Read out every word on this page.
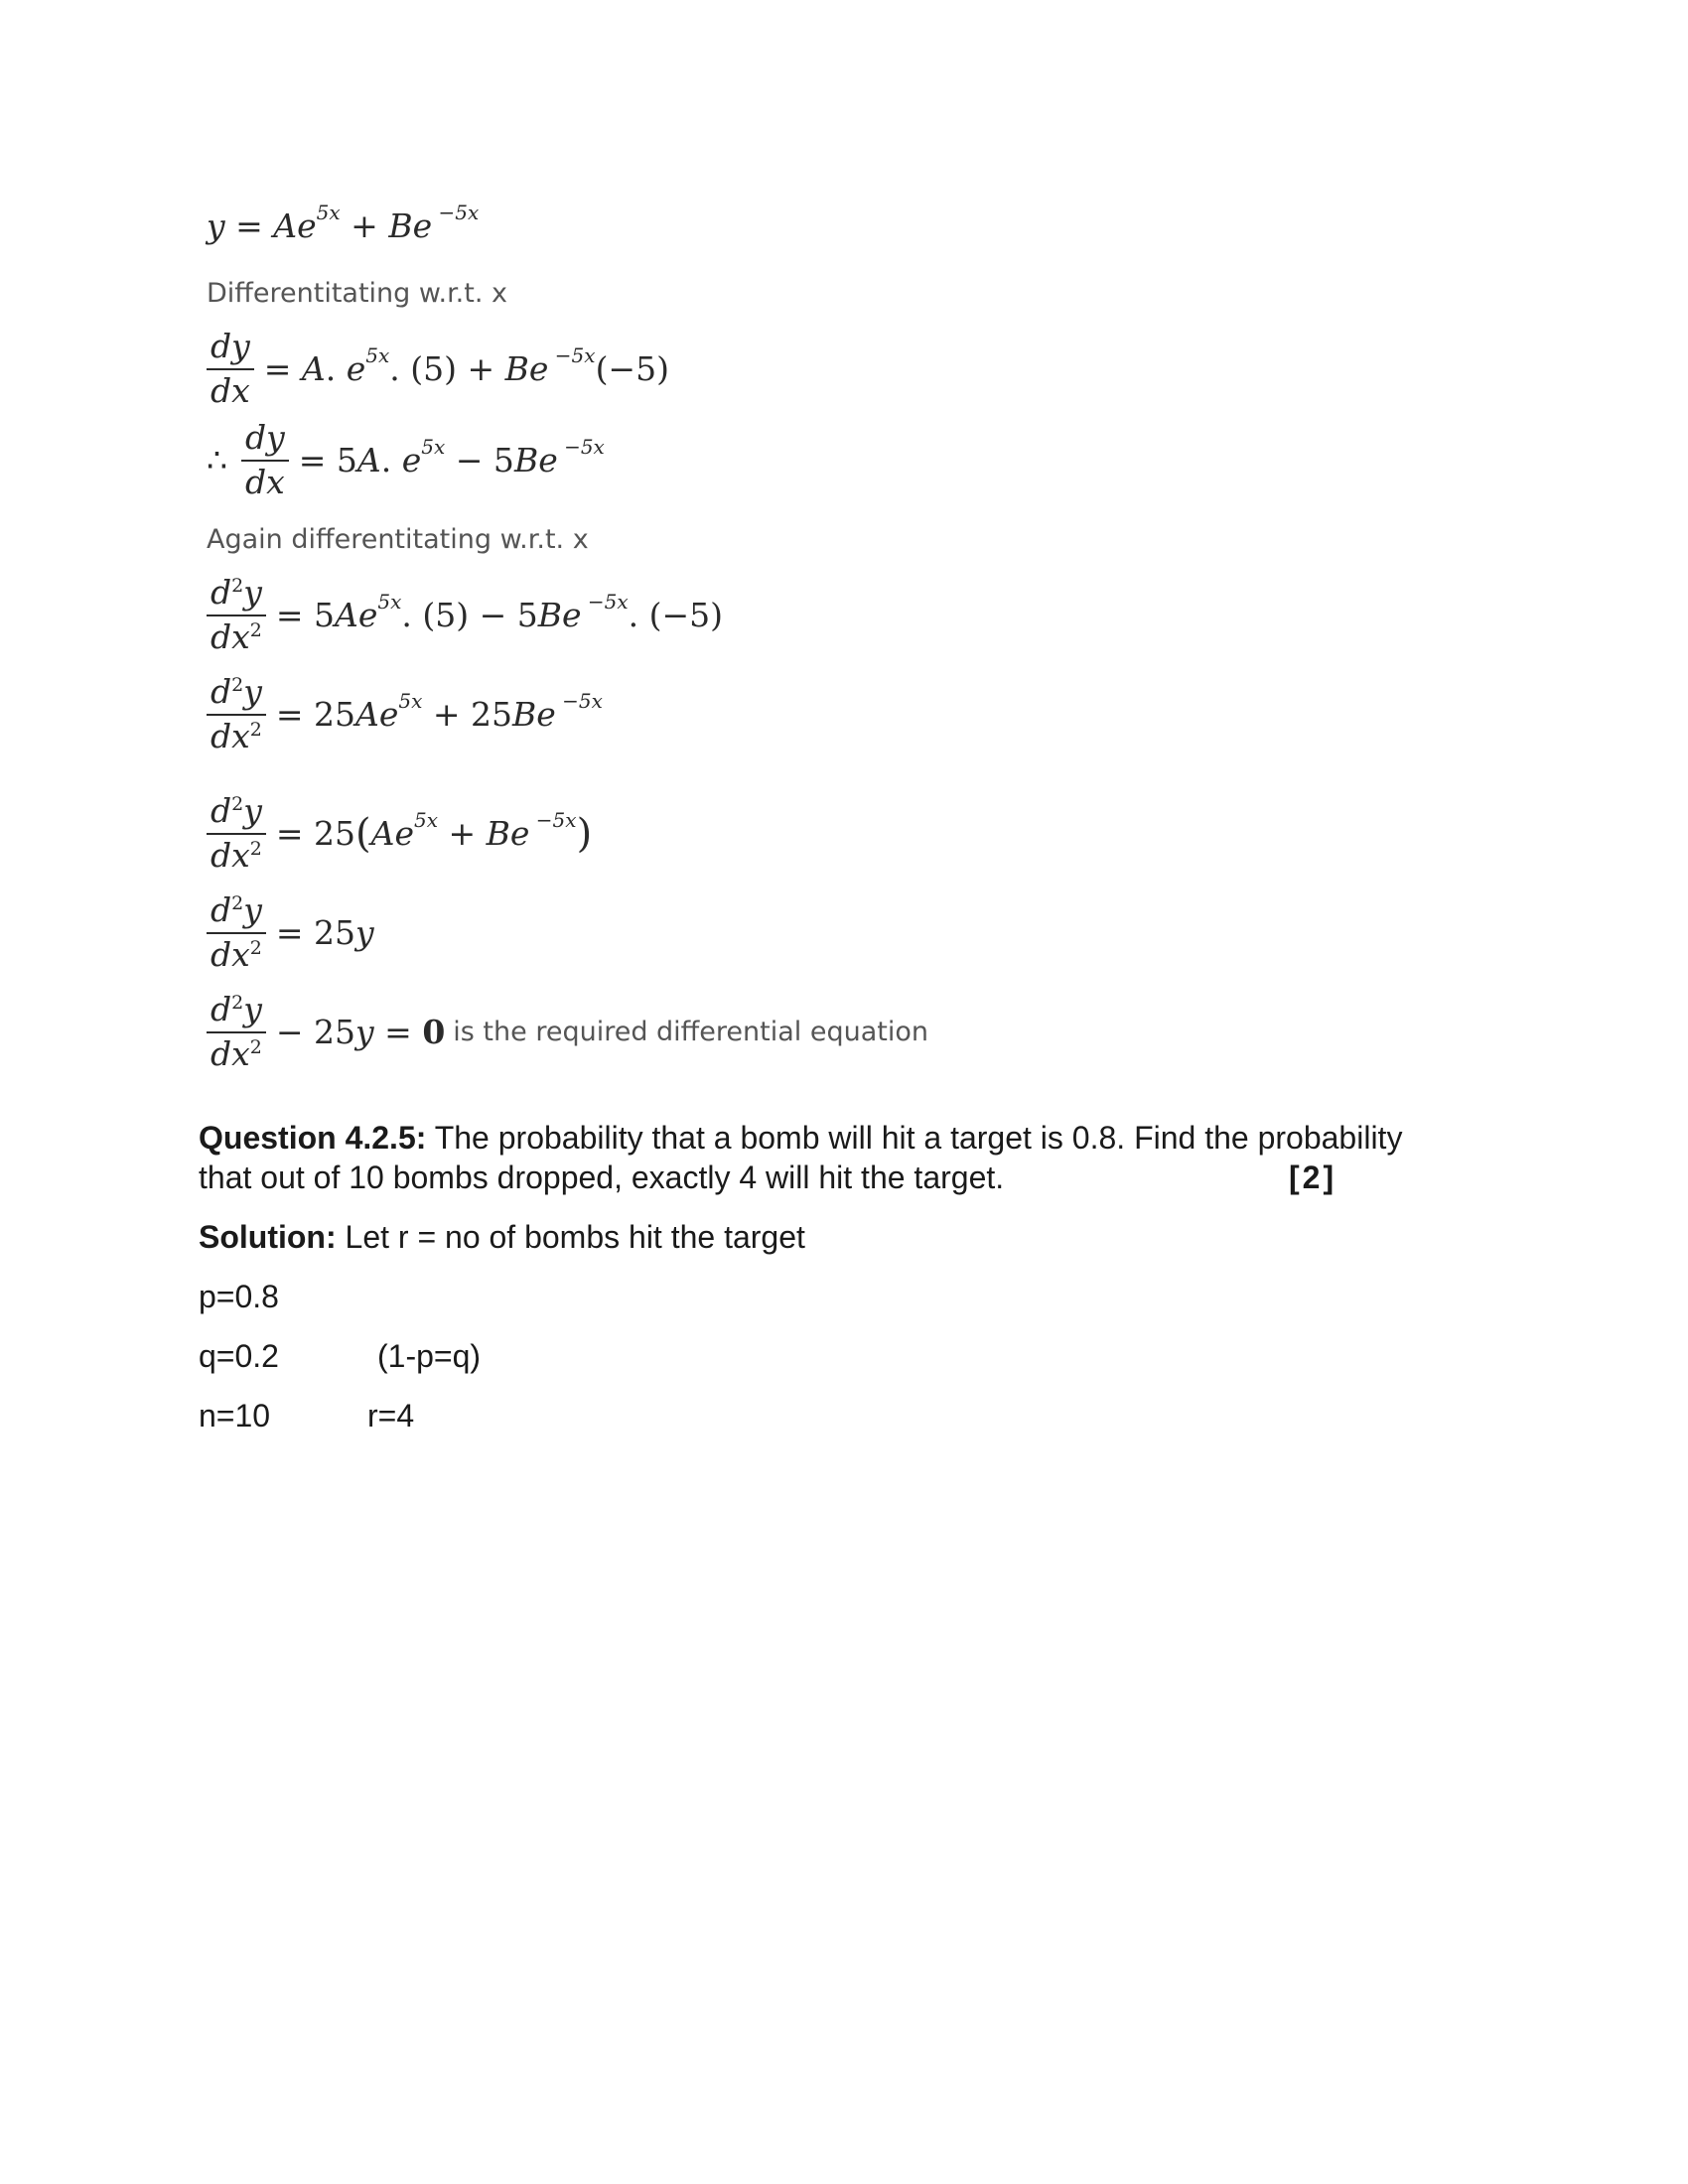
$y = Ae^{5x} + Be$ $^{-5x}$
Differentitating w.r.t. x
$\frac{dy}{dx} = A$ . $e^{5x}$ . (5) + Be $^{-5x}$ (−5)
∴ $\frac{dy}{dx} = 5$ A . $e^{5x} - 5$ Be $^{-5x}$
Again differentitating w.r.t. x
$\frac{d^2y}{dx^2} = 5$ $Ae^{5x}$ . (5) − 5 Be $^{-5x}$ . (−5)
$\frac{d^2y}{dx^2} = 25$ $Ae^{5x} + 25$ Be $^{-5x}$
$\frac{d^2y}{dx^2} = 25$ ( $Ae^{5x} + Be$ $^{-5x}$ )
$\frac{d^2y}{dx^2} = 25$ y
$\frac{d^2y}{dx^2} - 25$ y = 0 is the required differential equation
Question 4.2.5: The probability that a bomb will hit a target is 0.8. Find the probability
that out of 10 bombs dropped, exactly 4 will hit the target.	[2]
Solution: Let r = no of bombs hit the target
p=0.8
q=0.2	(1-p=q)
n=10	r=4
